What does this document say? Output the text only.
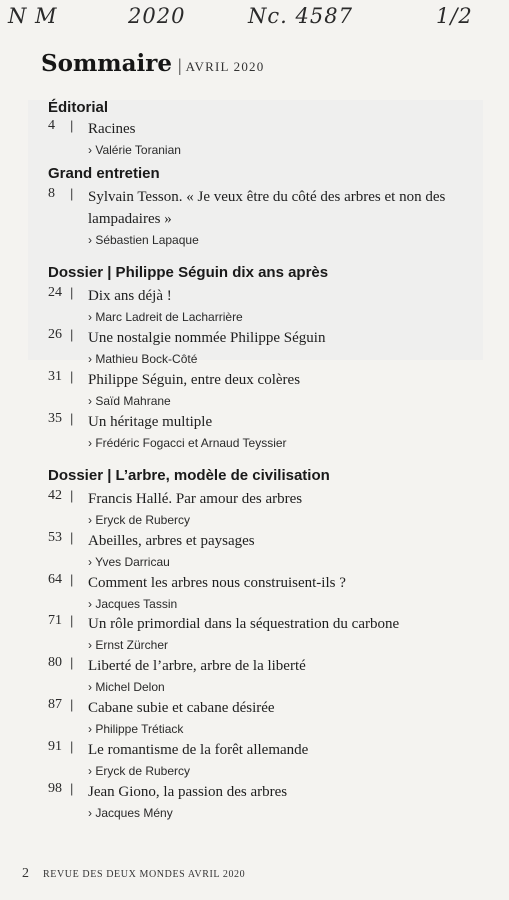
N M	2020	Nc. 4587	1/2
Sommaire | AVRIL 2020
Éditorial
4	| Racines
› Valérie Toranian
Grand entretien
8	| Sylvain Tesson. « Je veux être du côté des arbres et non des lampadaires »
› Sébastien Lapaque
Dossier | Philippe Séguin dix ans après
24 | Dix ans déjà !
› Marc Ladreit de Lacharrière
26 | Une nostalgie nommée Philippe Séguin
› Mathieu Bock-Côté
31 | Philippe Séguin, entre deux colères
› Saïd Mahrane
35 | Un héritage multiple
› Frédéric Fogacci et Arnaud Teyssier
Dossier | L’arbre, modèle de civilisation
42 | Francis Hallé. Par amour des arbres
› Eryck de Rubercy
53 | Abeilles, arbres et paysages
› Yves Darricau
64 | Comment les arbres nous construisent-ils ?
› Jacques Tassin
71 | Un rôle primordial dans la séquestration du carbone
› Ernst Zürcher
80 | Liberté de l’arbre, arbre de la liberté
› Michel Delon
87 | Cabane subie et cabane désirée
› Philippe Trétiack
91 | Le romantisme de la forêt allemande
› Eryck de Rubercy
98 | Jean Giono, la passion des arbres
› Jacques Mény
2 REVUE DES DEUX MONDES AVRIL 2020
